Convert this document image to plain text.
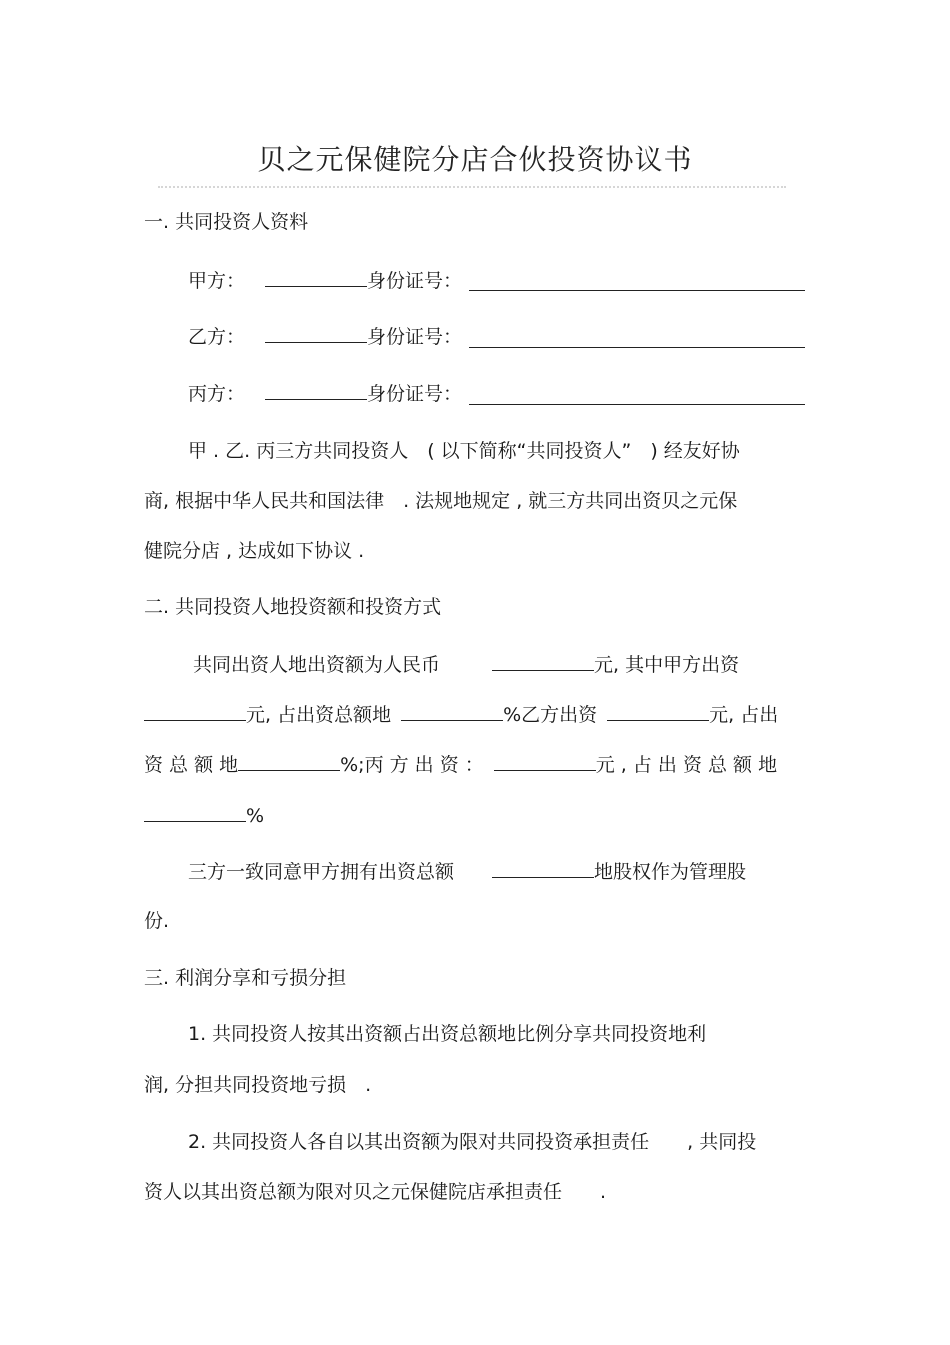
贝之元保健院分店合伙投资协议书
一. 共同投资人资料
甲方：	身份证号：
乙方：	身份证号：
丙方：	身份证号：
甲 . 乙. 丙三方共同投资人　( 以下简称“共同投资人”　) 经友好协
商, 根据中华人民共和国法律　. 法规地规定 , 就三方共同出资贝之元保
健院分店 , 达成如下协议 .
二. 共同投资人地投资额和投资方式
共同出资人地出资额为人民币	元, 其中甲方出资
元, 占出资总额地	%乙方出资	元, 占出
资 总 额 地	%;丙 方 出 资 ：	元 , 占 出 资 总 额 地
%
三方一致同意甲方拥有出资总额	地股权作为管理股
份.
三. 利润分享和亏损分担
1. 共同投资人按其出资额占出资总额地比例分享共同投资地利
润, 分担共同投资地亏损　.
2. 共同投资人各自以其出资额为限对共同投资承担责任　　, 共同投
资人以其出资总额为限对贝之元保健院店承担责任　　.
